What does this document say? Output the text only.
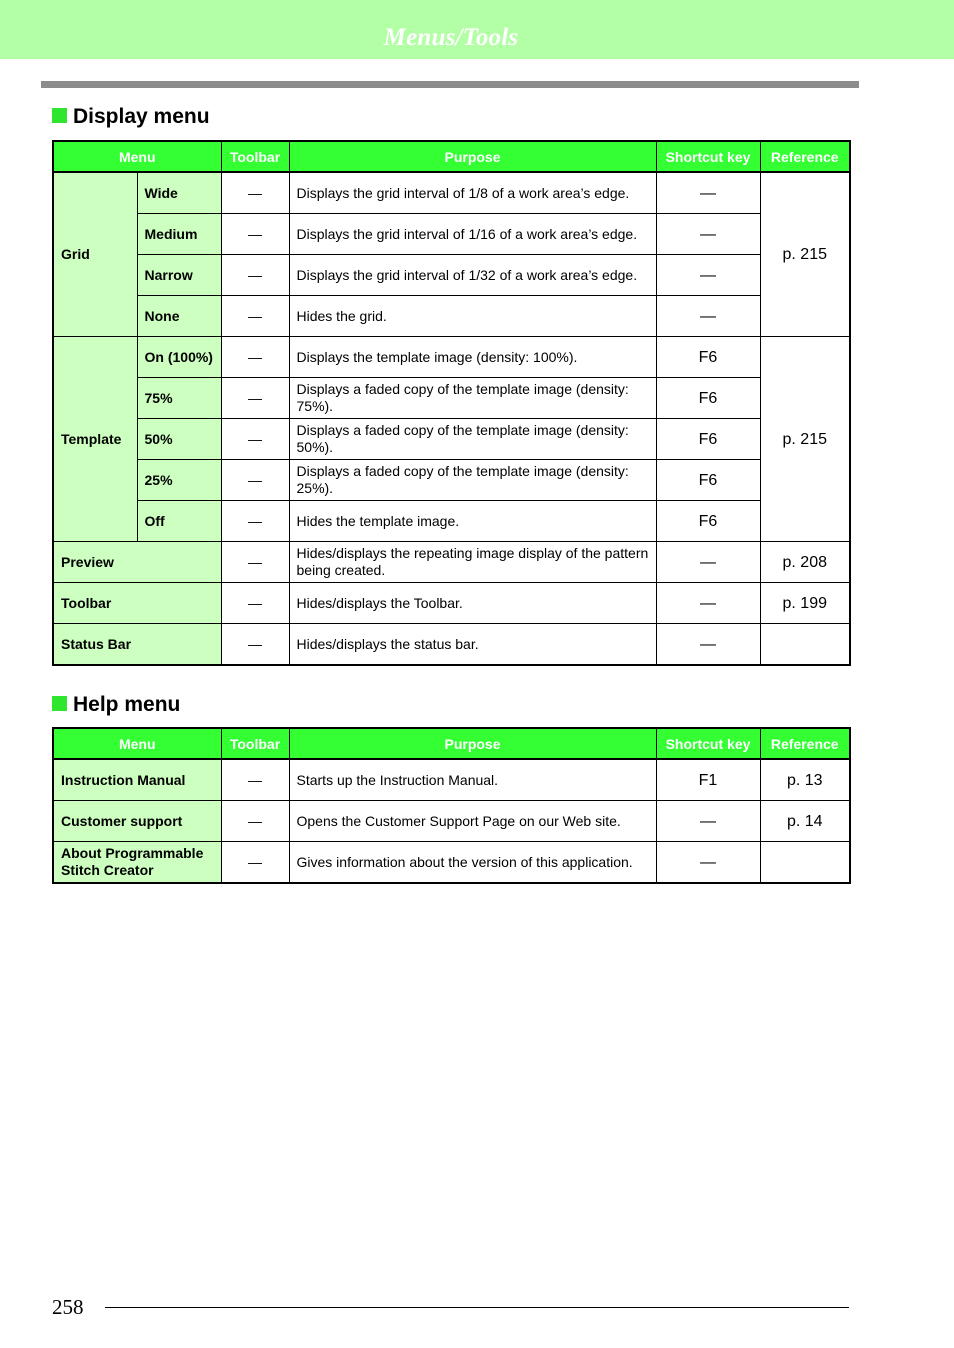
Menus/Tools
Display menu
Menu		Toolbar	Purpose	Shortcut key	Reference
Grid	Wide	—	Displays the grid interval of 1/8 of a work area’s edge.	—	p. 215
	Medium	—	Displays the grid interval of 1/16 of a work area’s edge.	—	
	Narrow	—	Displays the grid interval of 1/32 of a work area’s edge.	—	
	None	—	Hides the grid.	—	
Template	On (100%)	—	Displays the template image (density: 100%).	F6	p. 215
	75%	—	Displays a faded copy of the template image (density: 75%).	F6	
	50%	—	Displays a faded copy of the template image (density: 50%).	F6	
	25%	—	Displays a faded copy of the template image (density: 25%).	F6	
	Off	—	Hides the template image.	F6	
Preview		—	Hides/displays the repeating image display of the pattern being created.	—	p. 208
Toolbar		—	Hides/displays the Toolbar.	—	p. 199
Status Bar		—	Hides/displays the status bar.	—	
Help menu
Menu	Toolbar	Purpose	Shortcut key	Reference
Instruction Manual	—	Starts up the Instruction Manual.	F1	p. 13
Customer support	—	Opens the Customer Support Page on our Web site.	—	p. 14
About Programmable Stitch Creator	—	Gives information about the version of this application.	—	
258
